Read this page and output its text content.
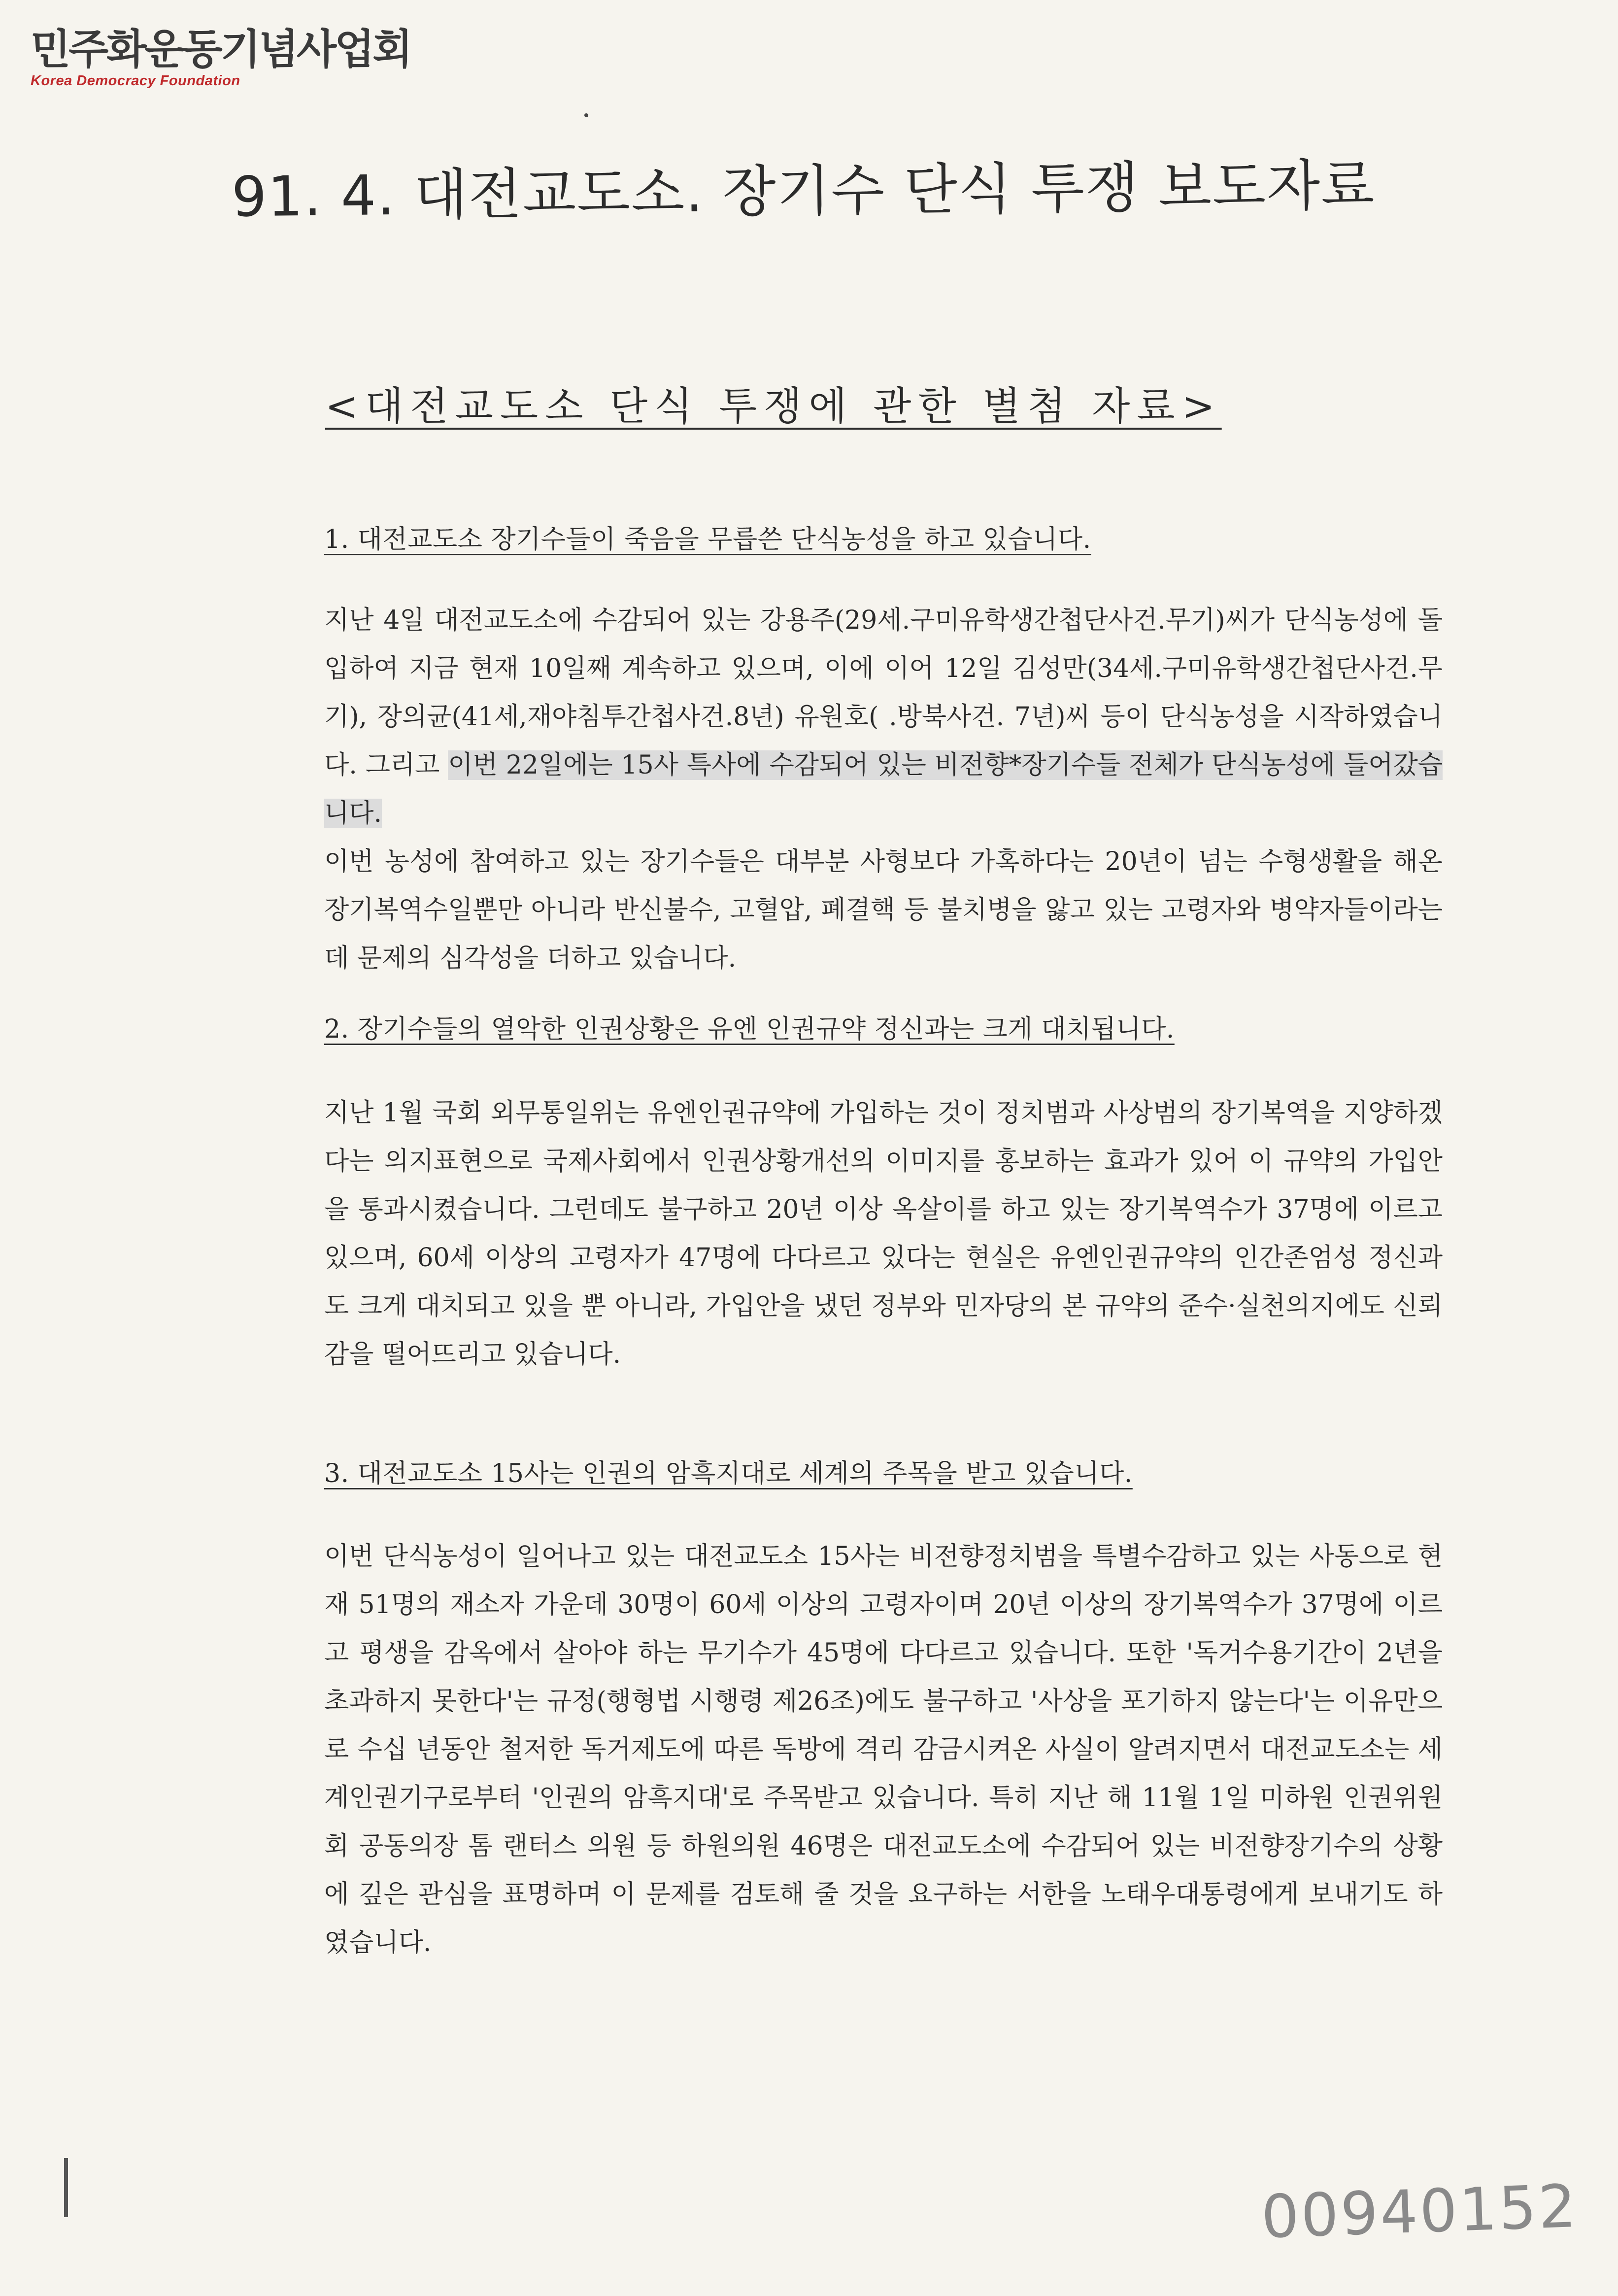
민주화운동기념사업회
Korea Democracy Foundation
91. 4. 대전교도소. 장기수 단식 투쟁 보도자료
<대전교도소 단식 투쟁에 관한 별첨 자료>
1. 대전교도소 장기수들이 죽음을 무릅쓴 단식농성을 하고 있습니다.

지난 4일 대전교도소에 수감되어 있는 강용주(29세.구미유학생간첩단사건.무기)씨가 단식농성에 돌입하여 지금 현재 10일째 계속하고 있으며, 이에 이어 12일 김성만(34세.구미유학생간첩단사건.무기), 장의균(41세,재야침투간첩사건.8년) 유원호( .방북사건. 7년)씨 등이 단식농성을 시작하였습니다. 그리고 이번 22일에는 15사 특사에 수감되어 있는 비전향*장기수들 전체가 단식농성에 들어갔습니다.

이번 농성에 참여하고 있는 장기수들은 대부분 사형보다 가혹하다는 20년이 넘는 수형생활을 해온 장기복역수일뿐만 아니라 반신불수, 고혈압, 폐결핵 등 불치병을 앓고 있는 고령자와 병약자들이라는 데 문제의 심각성을 더하고 있습니다.

2. 장기수들의 열악한 인권상황은 유엔 인권규약 정신과는 크게 대치됩니다.

지난 1월 국회 외무통일위는 유엔인권규약에 가입하는 것이 정치범과 사상범의 장기복역을 지양하겠다는 의지표현으로 국제사회에서 인권상황개선의 이미지를 홍보하는 효과가 있어 이 규약의 가입안을 통과시켰습니다. 그런데도 불구하고 20년 이상 옥살이를 하고 있는 장기복역수가 37명에 이르고 있으며, 60세 이상의 고령자가 47명에 다다르고 있다는 현실은 유엔인권규약의 인간존엄성 정신과도 크게 대치되고 있을 뿐 아니라, 가입안을 냈던 정부와 민자당의 본 규약의 준수·실천의지에도 신뢰감을 떨어뜨리고 있습니다.

3. 대전교도소 15사는 인권의 암흑지대로 세계의 주목을 받고 있습니다.

이번 단식농성이 일어나고 있는 대전교도소 15사는 비전향정치범을 특별수감하고 있는 사동으로 현재 51명의 재소자 가운데 30명이 60세 이상의 고령자이며 20년 이상의 장기복역수가 37명에 이르고 평생을 감옥에서 살아야 하는 무기수가 45명에 다다르고 있습니다. 또한 '독거수용기간이 2년을 초과하지 못한다'는 규정(행형법 시행령 제26조)에도 불구하고 '사상을 포기하지 않는다'는 이유만으로 수십 년동안 철저한 독거제도에 따른 독방에 격리 감금시켜온 사실이 알려지면서 대전교도소는 세계인권기구로부터 '인권의 암흑지대'로 주목받고 있습니다. 특히 지난 해 11월 1일 미하원 인권위원회 공동의장 톰 랜터스 의원 등 하원의원 46명은 대전교도소에 수감되어 있는 비전향장기수의 상황에 깊은 관심을 표명하며 이 문제를 검토해 줄 것을 요구하는 서한을 노태우대통령에게 보내기도 하였습니다.

00940152
